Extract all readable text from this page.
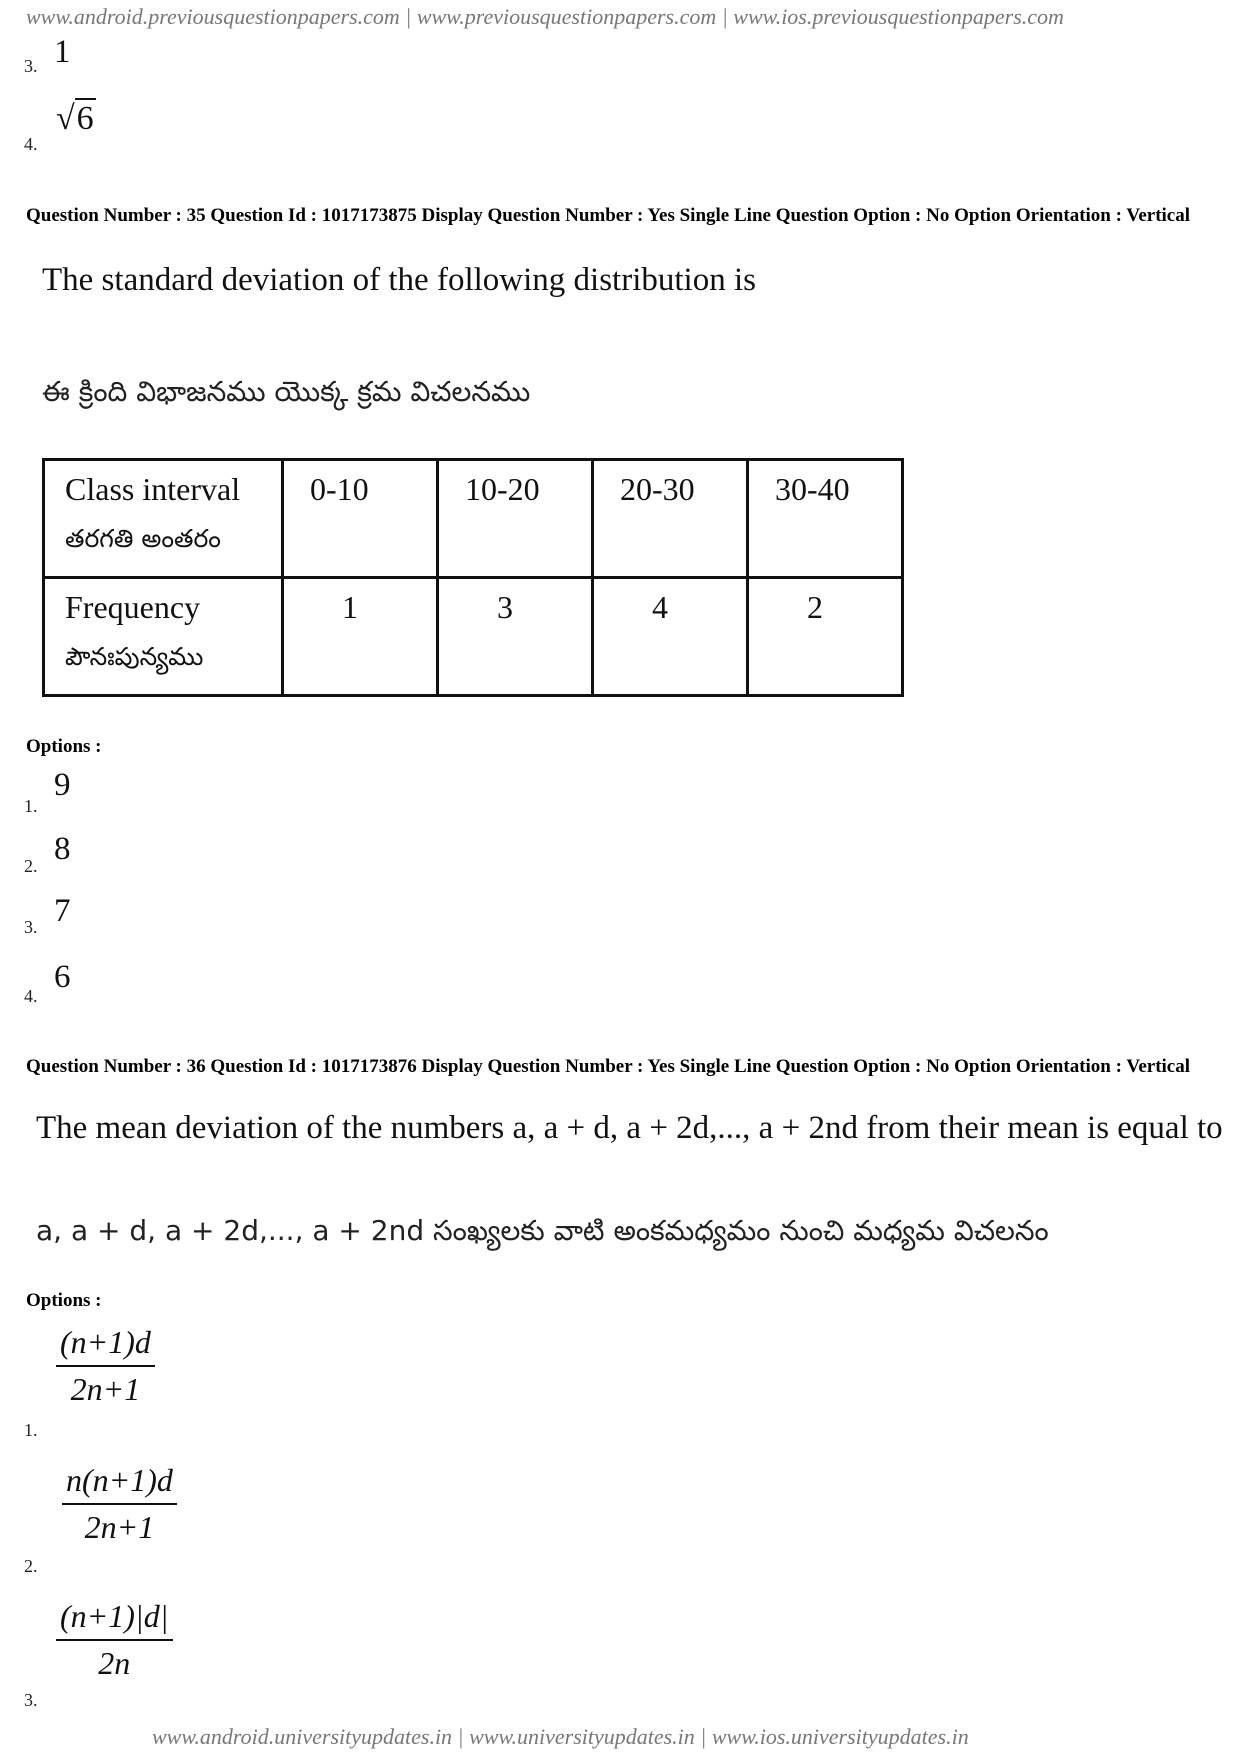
www.android.previousquestionpapers.com | www.previousquestionpapers.com | www.ios.previousquestionpapers.com
3. 1
4.
√6
Question Number : 35 Question Id : 1017173875 Display Question Number : Yes Single Line Question Option : No Option Orientation : Vertical
The standard deviation of the following distribution is
ఈ క్రింది విభాజనము యొక్క క్రమ విచలనము
Class interval
తరగతి అంతరం	0-10	10-20	20-30	30-40
Frequency
పౌనఃపున్యము	1	3	4	2
Options :
1.
9
2. 8
3. 7
4.
6
Question Number : 36 Question Id : 1017173876 Display Question Number : Yes Single Line Question Option : No Option Orientation : Vertical
The mean deviation of the numbers a, a + d, a + 2d,..., a + 2nd from their mean is equal to
a, a + d, a + 2d,..., a + 2nd సంఖ్యలకు వాటి అంకమధ్యమం నుంచి మధ్యమ విచలనం
Options :
$\frac{(n+1)d}{2n+1}$
1.
$\frac{n(n+1)d}{2n+1}$
2.
$\frac{(n+1)|d|}{2n}$
3.
www.android.universityupdates.in | www.universityupdates.in | www.ios.universityupdates.in
